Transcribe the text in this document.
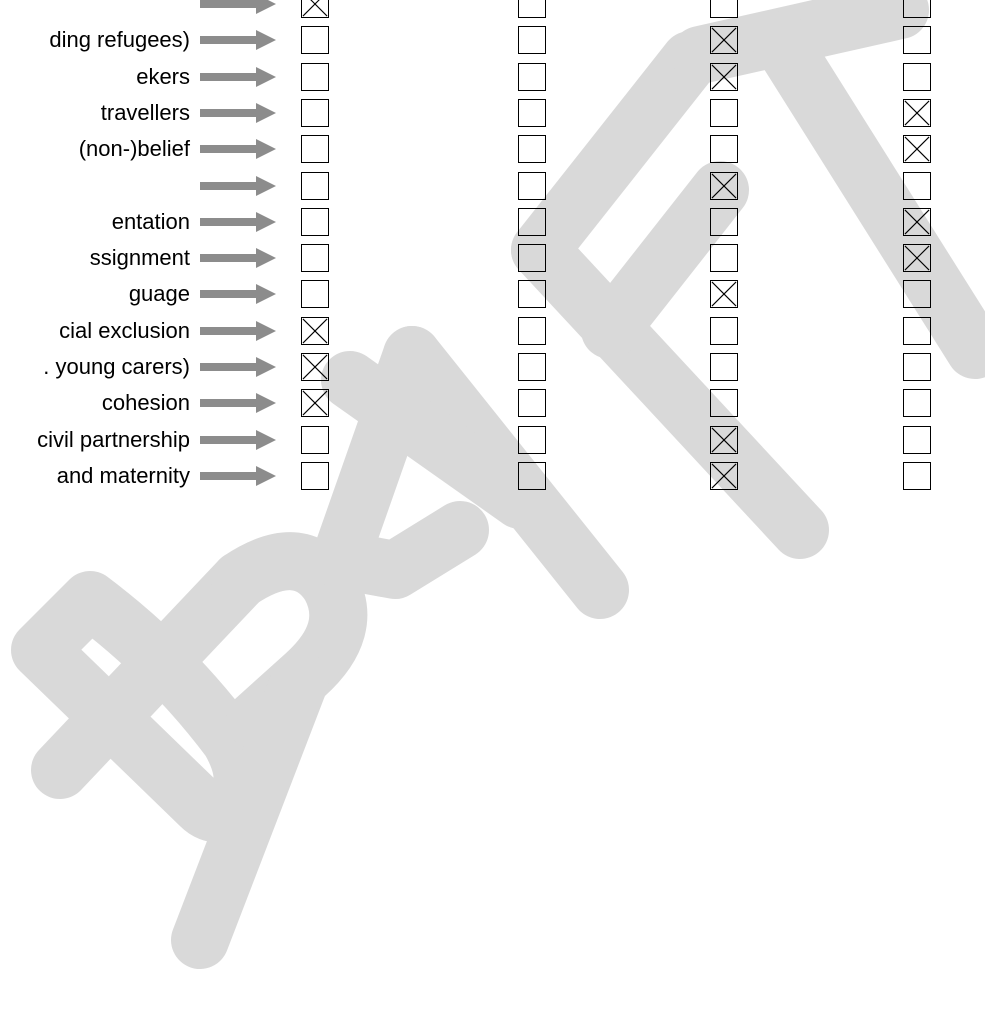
ding refugees)
ekers
travellers
(non-)belief
entation
ssignment
guage
cial exclusion
. young carers)
cohesion
civil partnership
and maternity
